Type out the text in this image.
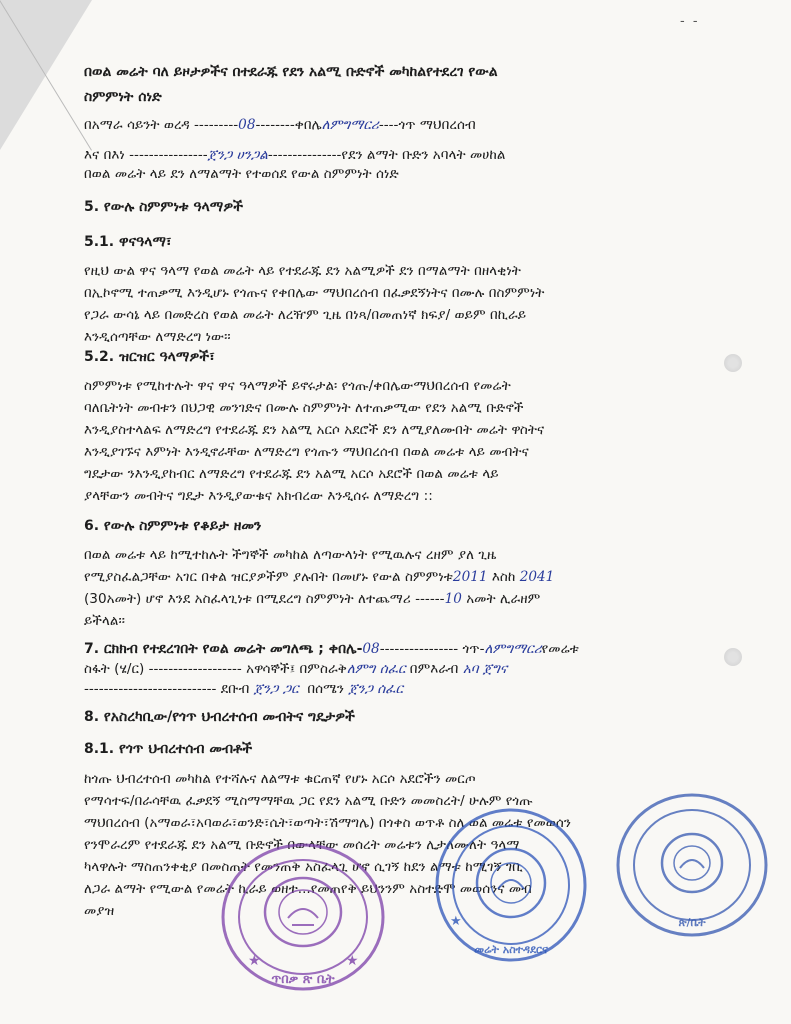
- -
በወል መሬት ባለ ይዞታዎችና በተደራጁ የደን አልሚ ቡድኖች መካከልየተደረገ የውል
ስምምነት ሰነድ
በአማራ ሳይንት ወረዳ ---------08--------ቀበሌለምግማርሪ----ጎጥ ማህበረሰብ
እና በእነ ----------------ጀንጋ ሀንጋል---------------የደን ልማት ቡድን አባላት መሀከል
በወል መሬት ላይ ደን ለማልማት የተወሰደ የውል ስምምነት ሰነድ
5. የውሉ ስምምነቱ ዓላማዎች
5.1. ዋናዓላማ፣
የዚህ ውል ዋና ዓላማ የወል መሬት ላይ የተደራጁ ደን አልሚዎች ደን በማልማት በዘላቂነት
በኢኮኖሚ ተጠቃሚ እንዲሆኑ የጎጡና የቀበሌው ማህበረሰብ በፈቃደኝነትና በሙሉ በስምምነት
የጋራ ውሳኔ ላይ በመድረስ የወል መሬት ለረዥም ጊዜ በነጻ/በመጠነኛ ክፍያ/ ወይም በኪራይ
እንዲሰጣቸው ለማድረግ ነው፡፡
5.2. ዝርዝር ዓላማዎች፣
ስምምነቱ የሚከተሉት ዋና ዋና ዓላማዎች ይኖሩታል፡ የጎጡ/ቀበሌውማህበረሰብ የመሬት
ባለቤትነት መብቱን በህጋዊ መንገድና በሙሉ ስምምነት ለተጠቃሚው የደን አልሚ ቡድኖች
እንዲያስተላልፍ ለማድረግ የተደራጁ ደን አልሚ አርሶ አደሮች ደን ለሚያለሙበት መሬት ዋስትና
እንዲያገኙና እምነት እንዲኖራቸው ለማድረግ የጎጡን ማህበረሰብ በወል መሬቱ ላይ መብትና
ግዴታው ንእንዲያከብር ለማድረግ የተደራጁ ደን አልሚ አርሶ አደሮች በወል መሬቱ ላይ
ያላቸውን መብትና ግዴታ እንዲያውቁና አክብረው እንዲሰሩ ለማድረግ ::
6. የውሉ ስምምነቱ የቆይታ ዘመን
በወል መሬቱ ላይ ከሚተከሉት ችግኞች መካከል ለጣውላነት የሚዉሉና ረዘም ያለ ጊዜ
የሚያስፈልጋቸው አገር በቀል ዝርያዎችም ያሉበት በመሆኑ የውል ስምምነቱ2011 እስከ 2041
(30አመት) ሆኖ እንደ አስፈላጊነቱ በሚደረግ ስምምነት ለተጨማሪ ------10 አመት ሊራዘም
ይችላል፡፡
7. ርክክብ የተደረገበት የወል መሬት መግለጫ ; ቀበሌ-08---------------- ጎጥ-ለምግማርሪየመሬቱ
ስፋት (ሄ/ር) ------------------- አዋሳኞች፤ በምስራቅለምግ ሰፈር በምእራብ አባ ጀግና
--------------------------- ደቡብ ጀንጋ ጋር በሰሜን ጀንጋ ሰፈር
8. የአስረካቢው/የጎጥ ህብረተሰብ መብትና ግዴታዎች
8.1. የጎጥ ህብረተሰብ መብቶች
ከጎጡ ህብረተሰብ መካከል የተሻሉና ለልማቱ ቁርጠኛ የሆኑ አርሶ አደሮችን መርጦ
የማሳተፍ/በራሳቸዉ ፈቃደኝ ሚስማማቸዉ ጋር የደን አልሚ ቡድን መመስረት/ ሁሉም የጎጡ
ማህበረሰብ (አማወራ፣አባወራ፣ወንድ፣ሴት፣ወጣት፣ሽማግሌ) በጎቀስ ወጥቶ ስለ ወል መሬቱ የመወሰን
የንሞራረም የተደራጁ ደን አልሚ ቡድኖች በውላቸው መሰረት መሬቱን ሊታለሙለት ዓላማ
ካላዋሉት ማስጠንቀቂያ በመስጠት የመንጠቅ አስፈላጊ ሆኖ ሲገኝ ከደን ልማቱ ከሚገኝ ገቢ
ለጋራ ልማት የሚውል የመሬት ኪራይ ወዘተ...የመጠየቅ ይህንንም አስተድሞ መወሰንና መብ
መያዝ
★	★
ጥበቃ ጽ ቤት
★
መሬት አስተዳደርና
ጽ/ቤት
